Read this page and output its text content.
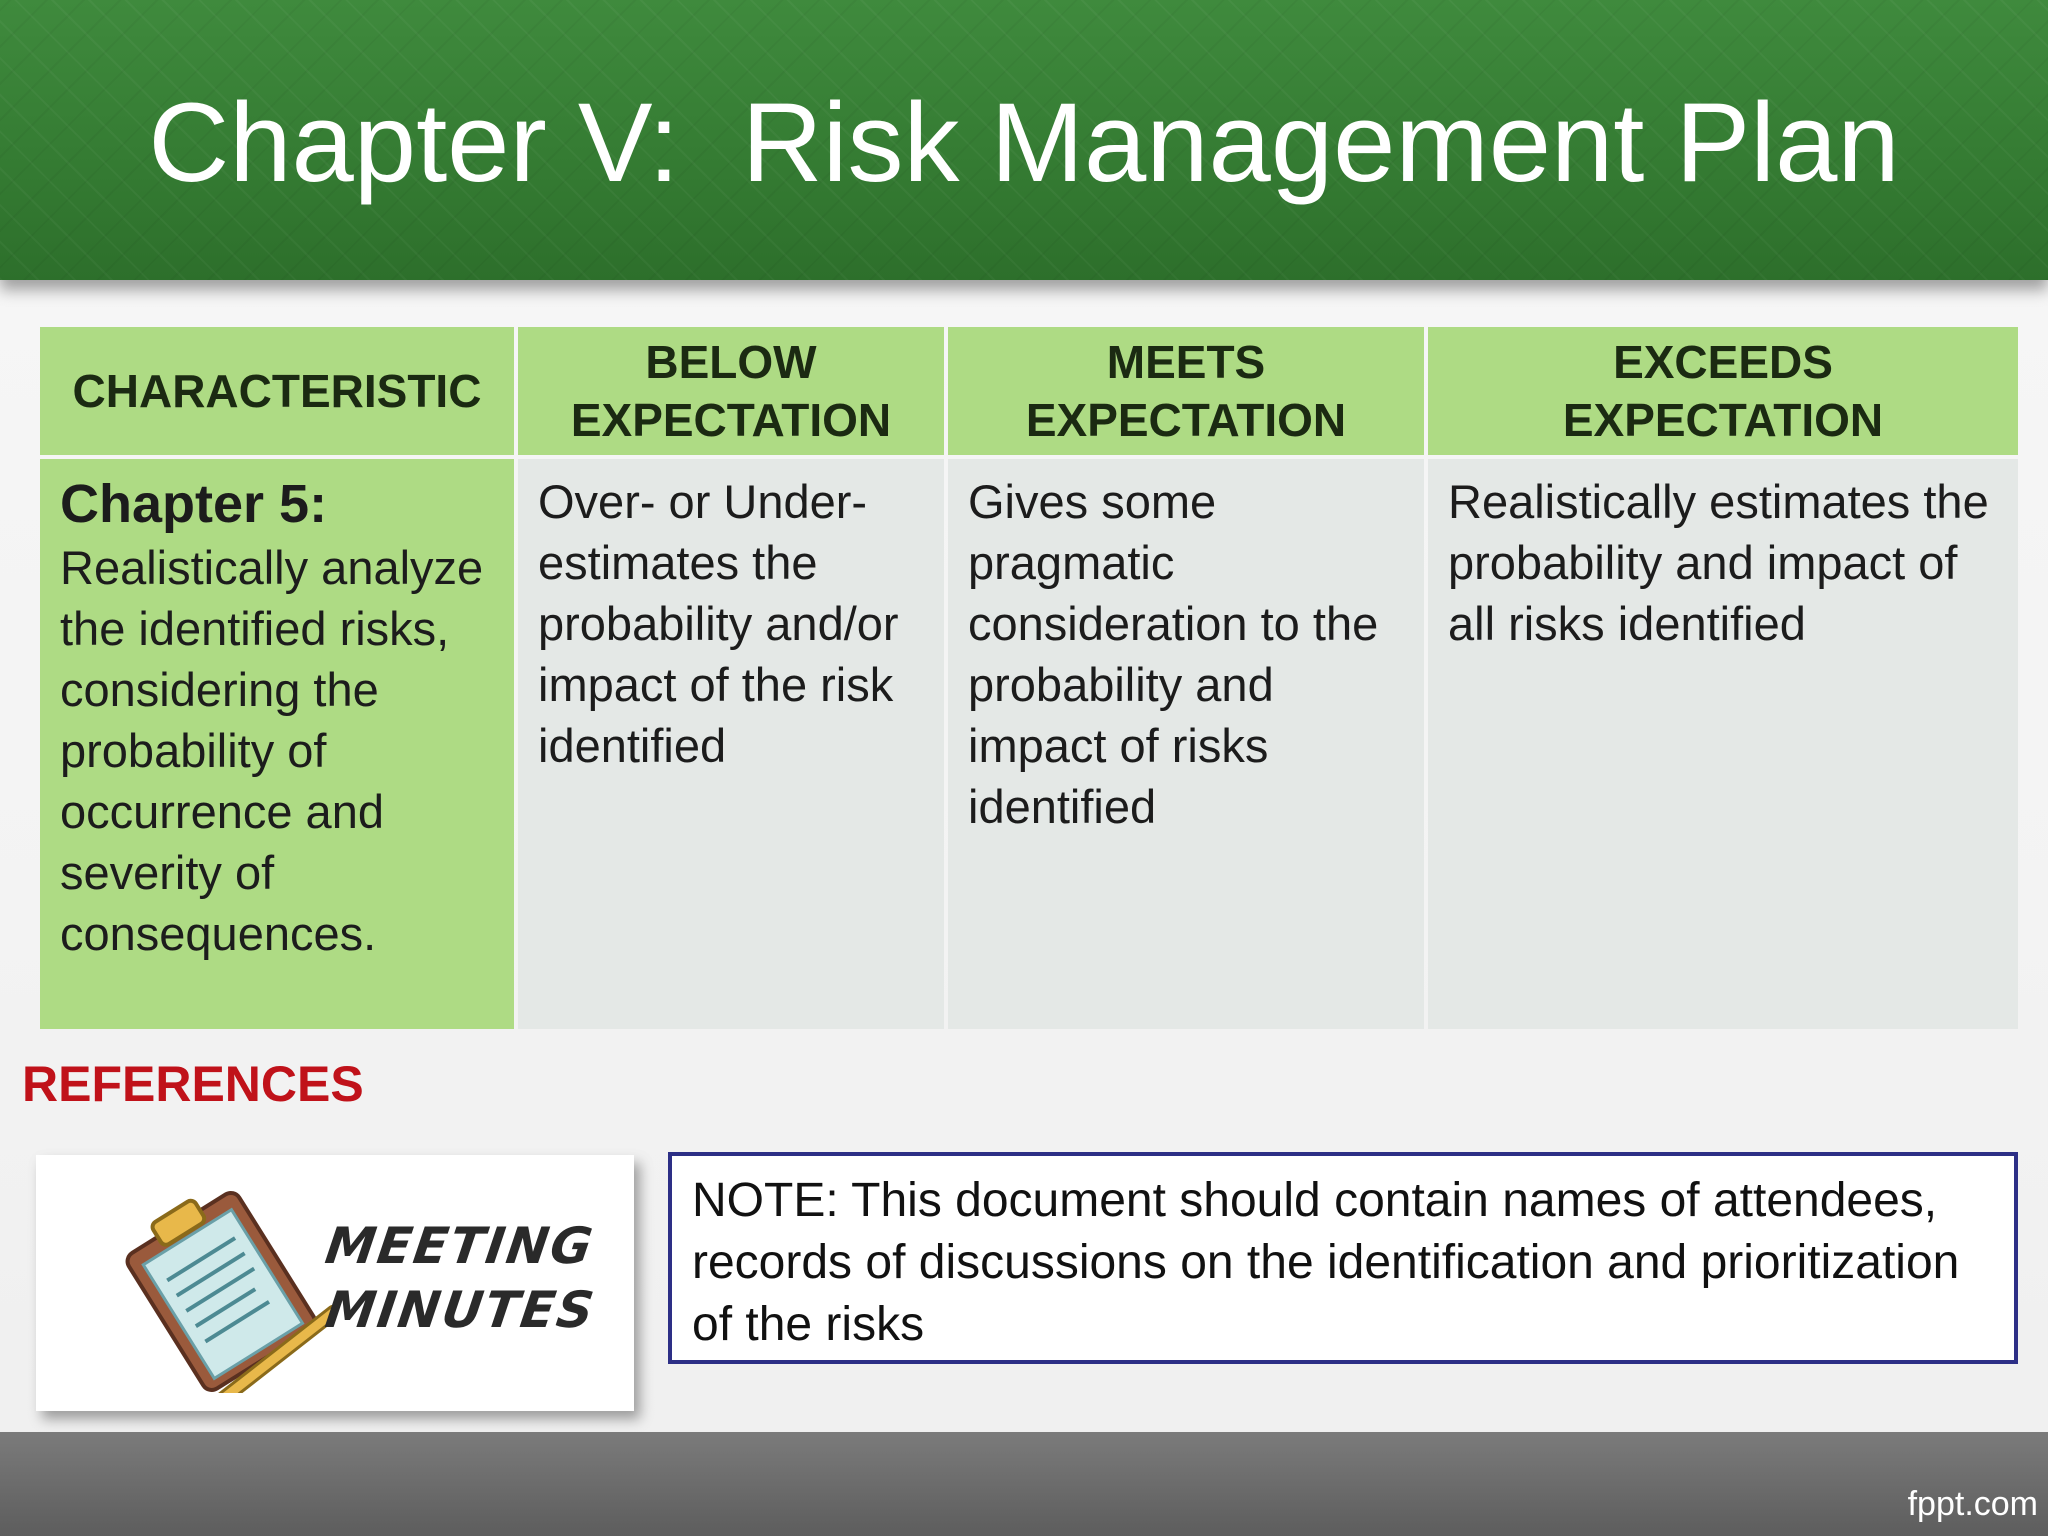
Chapter V:  Risk Management Plan
CHARACTERISTIC	BELOW EXPECTATION	MEETS EXPECTATION	EXCEEDS EXPECTATION

Chapter 5:
Realistically analyze the identified risks, considering the probability of occurrence and severity of consequences.	Over- or Under-estimates the probability and/or impact of the risk identified	Gives some pragmatic consideration to the probability and impact of risks identified	Realistically estimates the probability and impact of all risks identified
REFERENCES
MEETING
MINUTES
NOTE: This document should contain names of attendees, records of discussions on the identification and prioritization of the risks
fppt.com
